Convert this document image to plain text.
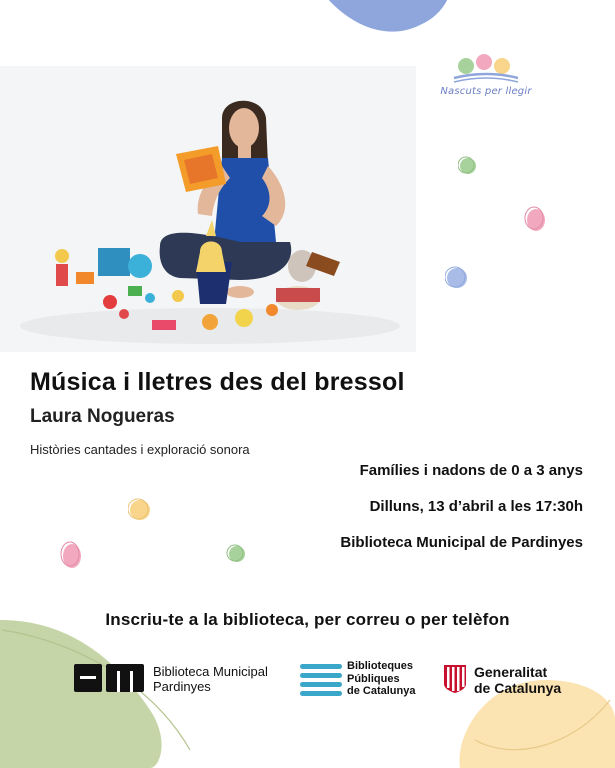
Nascuts per llegir
Música i lletres des del bressol
Laura Nogueras
Històries cantades i exploració sonora
Famílies i nadons de 0 a 3 anys
Dilluns, 13 d’abril a les 17:30h
Biblioteca Municipal de Pardinyes
Inscriu-te a la biblioteca, per correu o per telèfon
Biblioteca Municipal
Pardinyes
Biblioteques
Públiques
de Catalunya
Generalitat
de Catalunya
